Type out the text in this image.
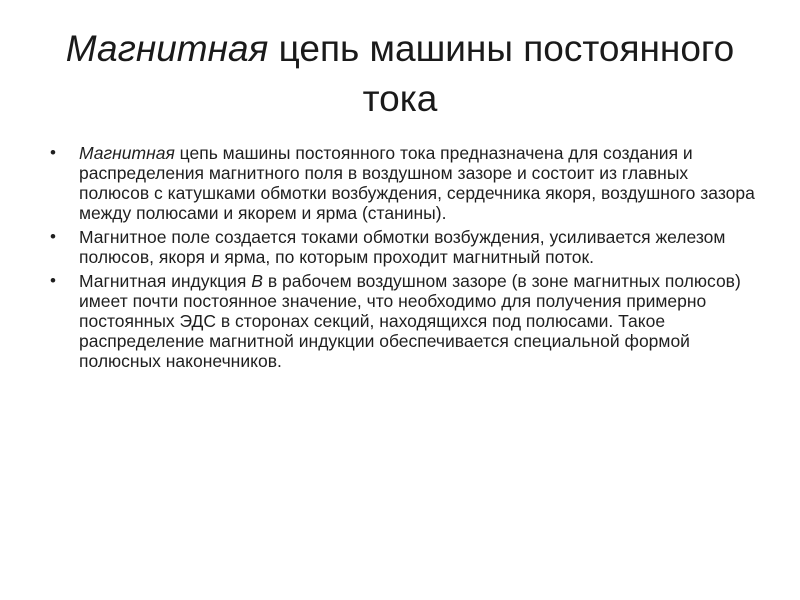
Магнитная цепь машины постоянного тока
• Магнитная цепь машины постоянного тока предназначена для создания и распределения магнитного поля в воздушном зазоре и состоит из главных полюсов с катушками обмотки возбуждения, сердечника якоря, воздушного зазора между полюсами и якорем и ярма (станины).
• Магнитное поле создается токами обмотки возбуждения, усиливается железом полюсов, якоря и ярма, по которым проходит магнитный поток.
• Магнитная индукция B в рабочем воздушном зазоре (в зоне магнитных полюсов) имеет почти постоянное значение, что необходимо для получения примерно постоянных ЭДС в сторонах секций, находящихся под полюсами. Такое распределение магнитной индукции обеспечивается специальной формой полюсных наконечников.
